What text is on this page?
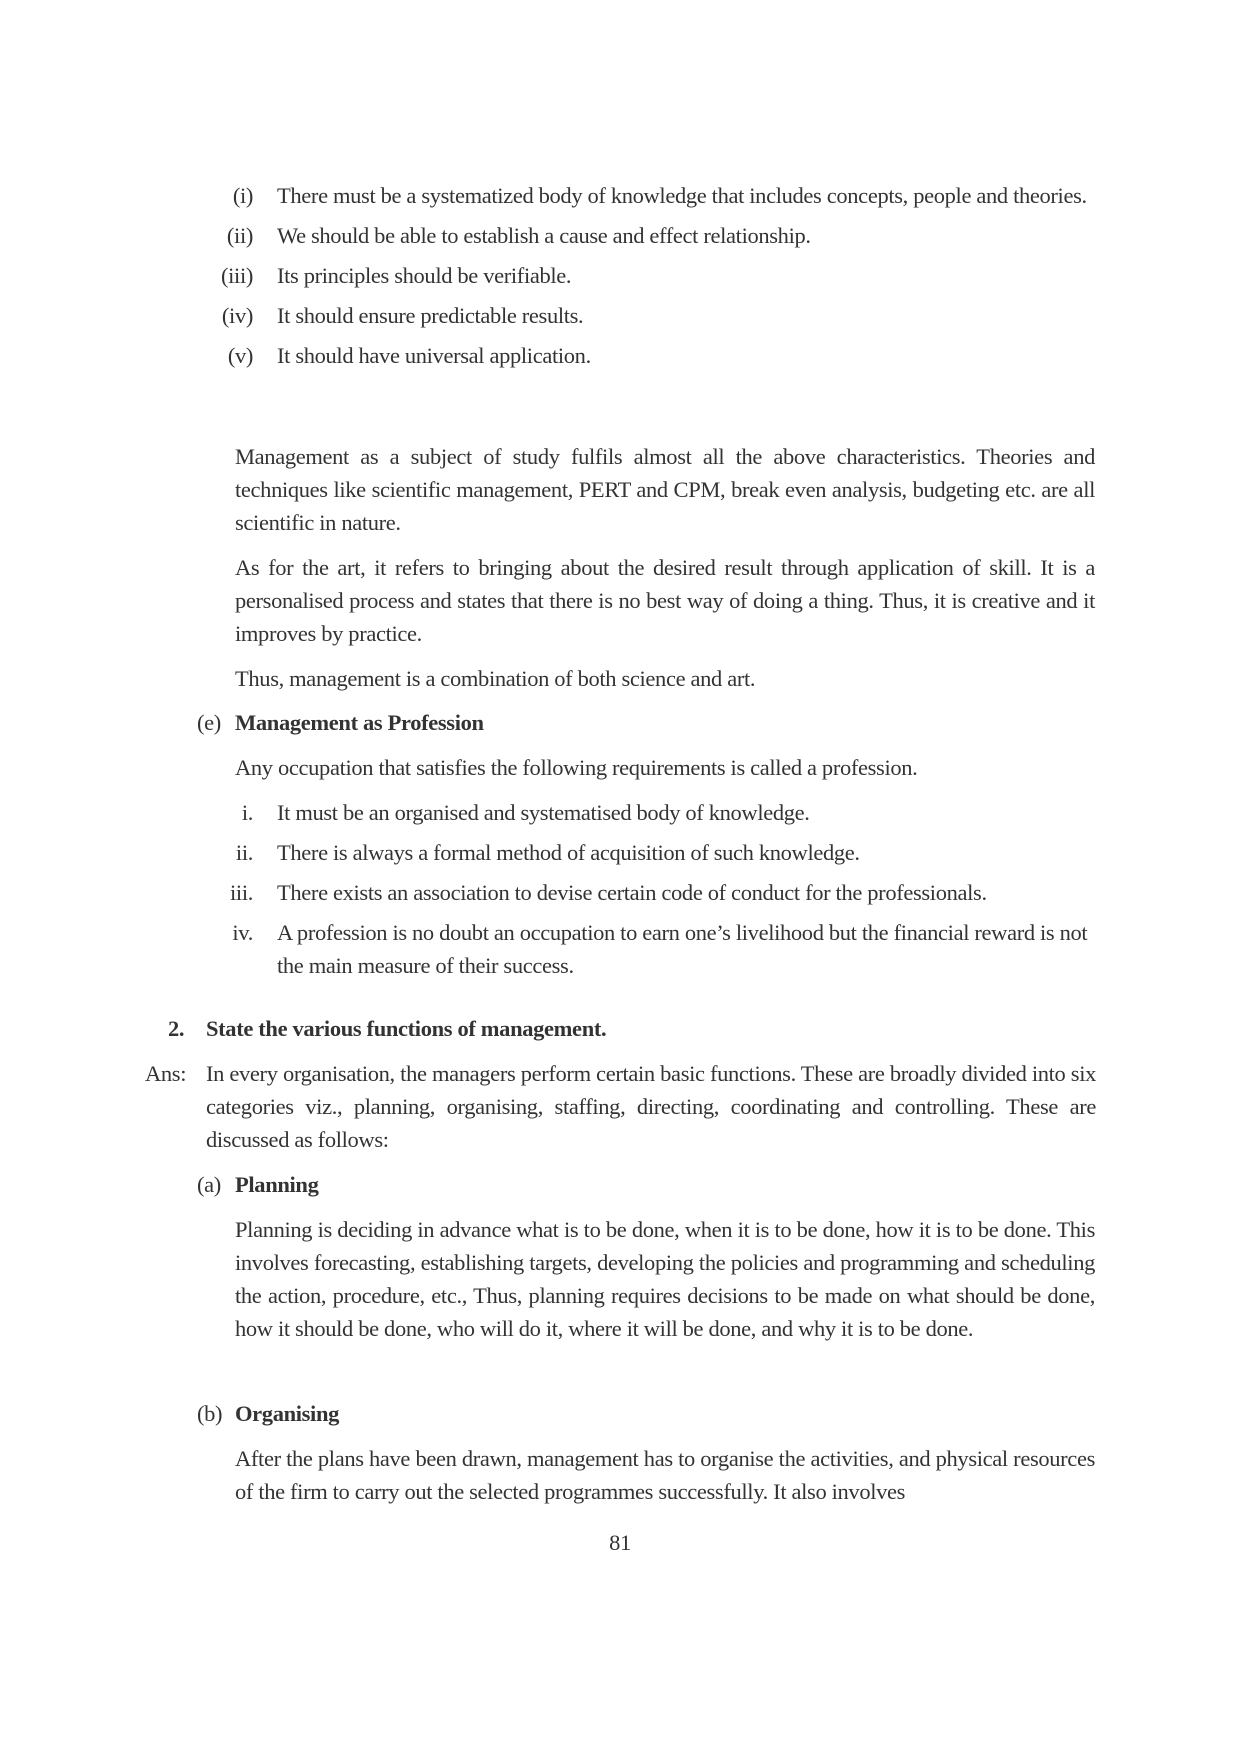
(i) There must be a systematized body of knowledge that includes concepts, people and theories.
(ii) We should be able to establish a cause and effect relationship.
(iii) Its principles should be verifiable.
(iv) It should ensure predictable results.
(v) It should have universal application.

Management as a subject of study fulfils almost all the above characteristics. Theories and techniques like scientific management, PERT and CPM, break even analysis, budgeting etc. are all scientific in nature.

As for the art, it refers to bringing about the desired result through application of skill. It is a personalised process and states that there is no best way of doing a thing. Thus, it is creative and it improves by practice.

Thus, management is a combination of both science and art.

(e) Management as Profession

Any occupation that satisfies the following requirements is called a profession.

i. It must be an organised and systematised body of knowledge.
ii. There is always a formal method of acquisition of such knowledge.
iii. There exists an association to devise certain code of conduct for the professionals.
iv. A profession is no doubt an occupation to earn one’s livelihood but the financial reward is not the main measure of their success.
2. State the various functions of management.
Ans: In every organisation, the managers perform certain basic functions. These are broadly divided into six categories viz., planning, organising, staffing, directing, coordinating and controlling. These are discussed as follows:
(a) Planning

Planning is deciding in advance what is to be done, when it is to be done, how it is to be done. This involves forecasting, establishing targets, developing the policies and programming and scheduling the action, procedure, etc., Thus, planning requires decisions to be made on what should be done, how it should be done, who will do it, where it will be done, and why it is to be done.

(b) Organising

After the plans have been drawn, management has to organise the activities, and physical resources of the firm to carry out the selected programmes successfully. It also involves

81
